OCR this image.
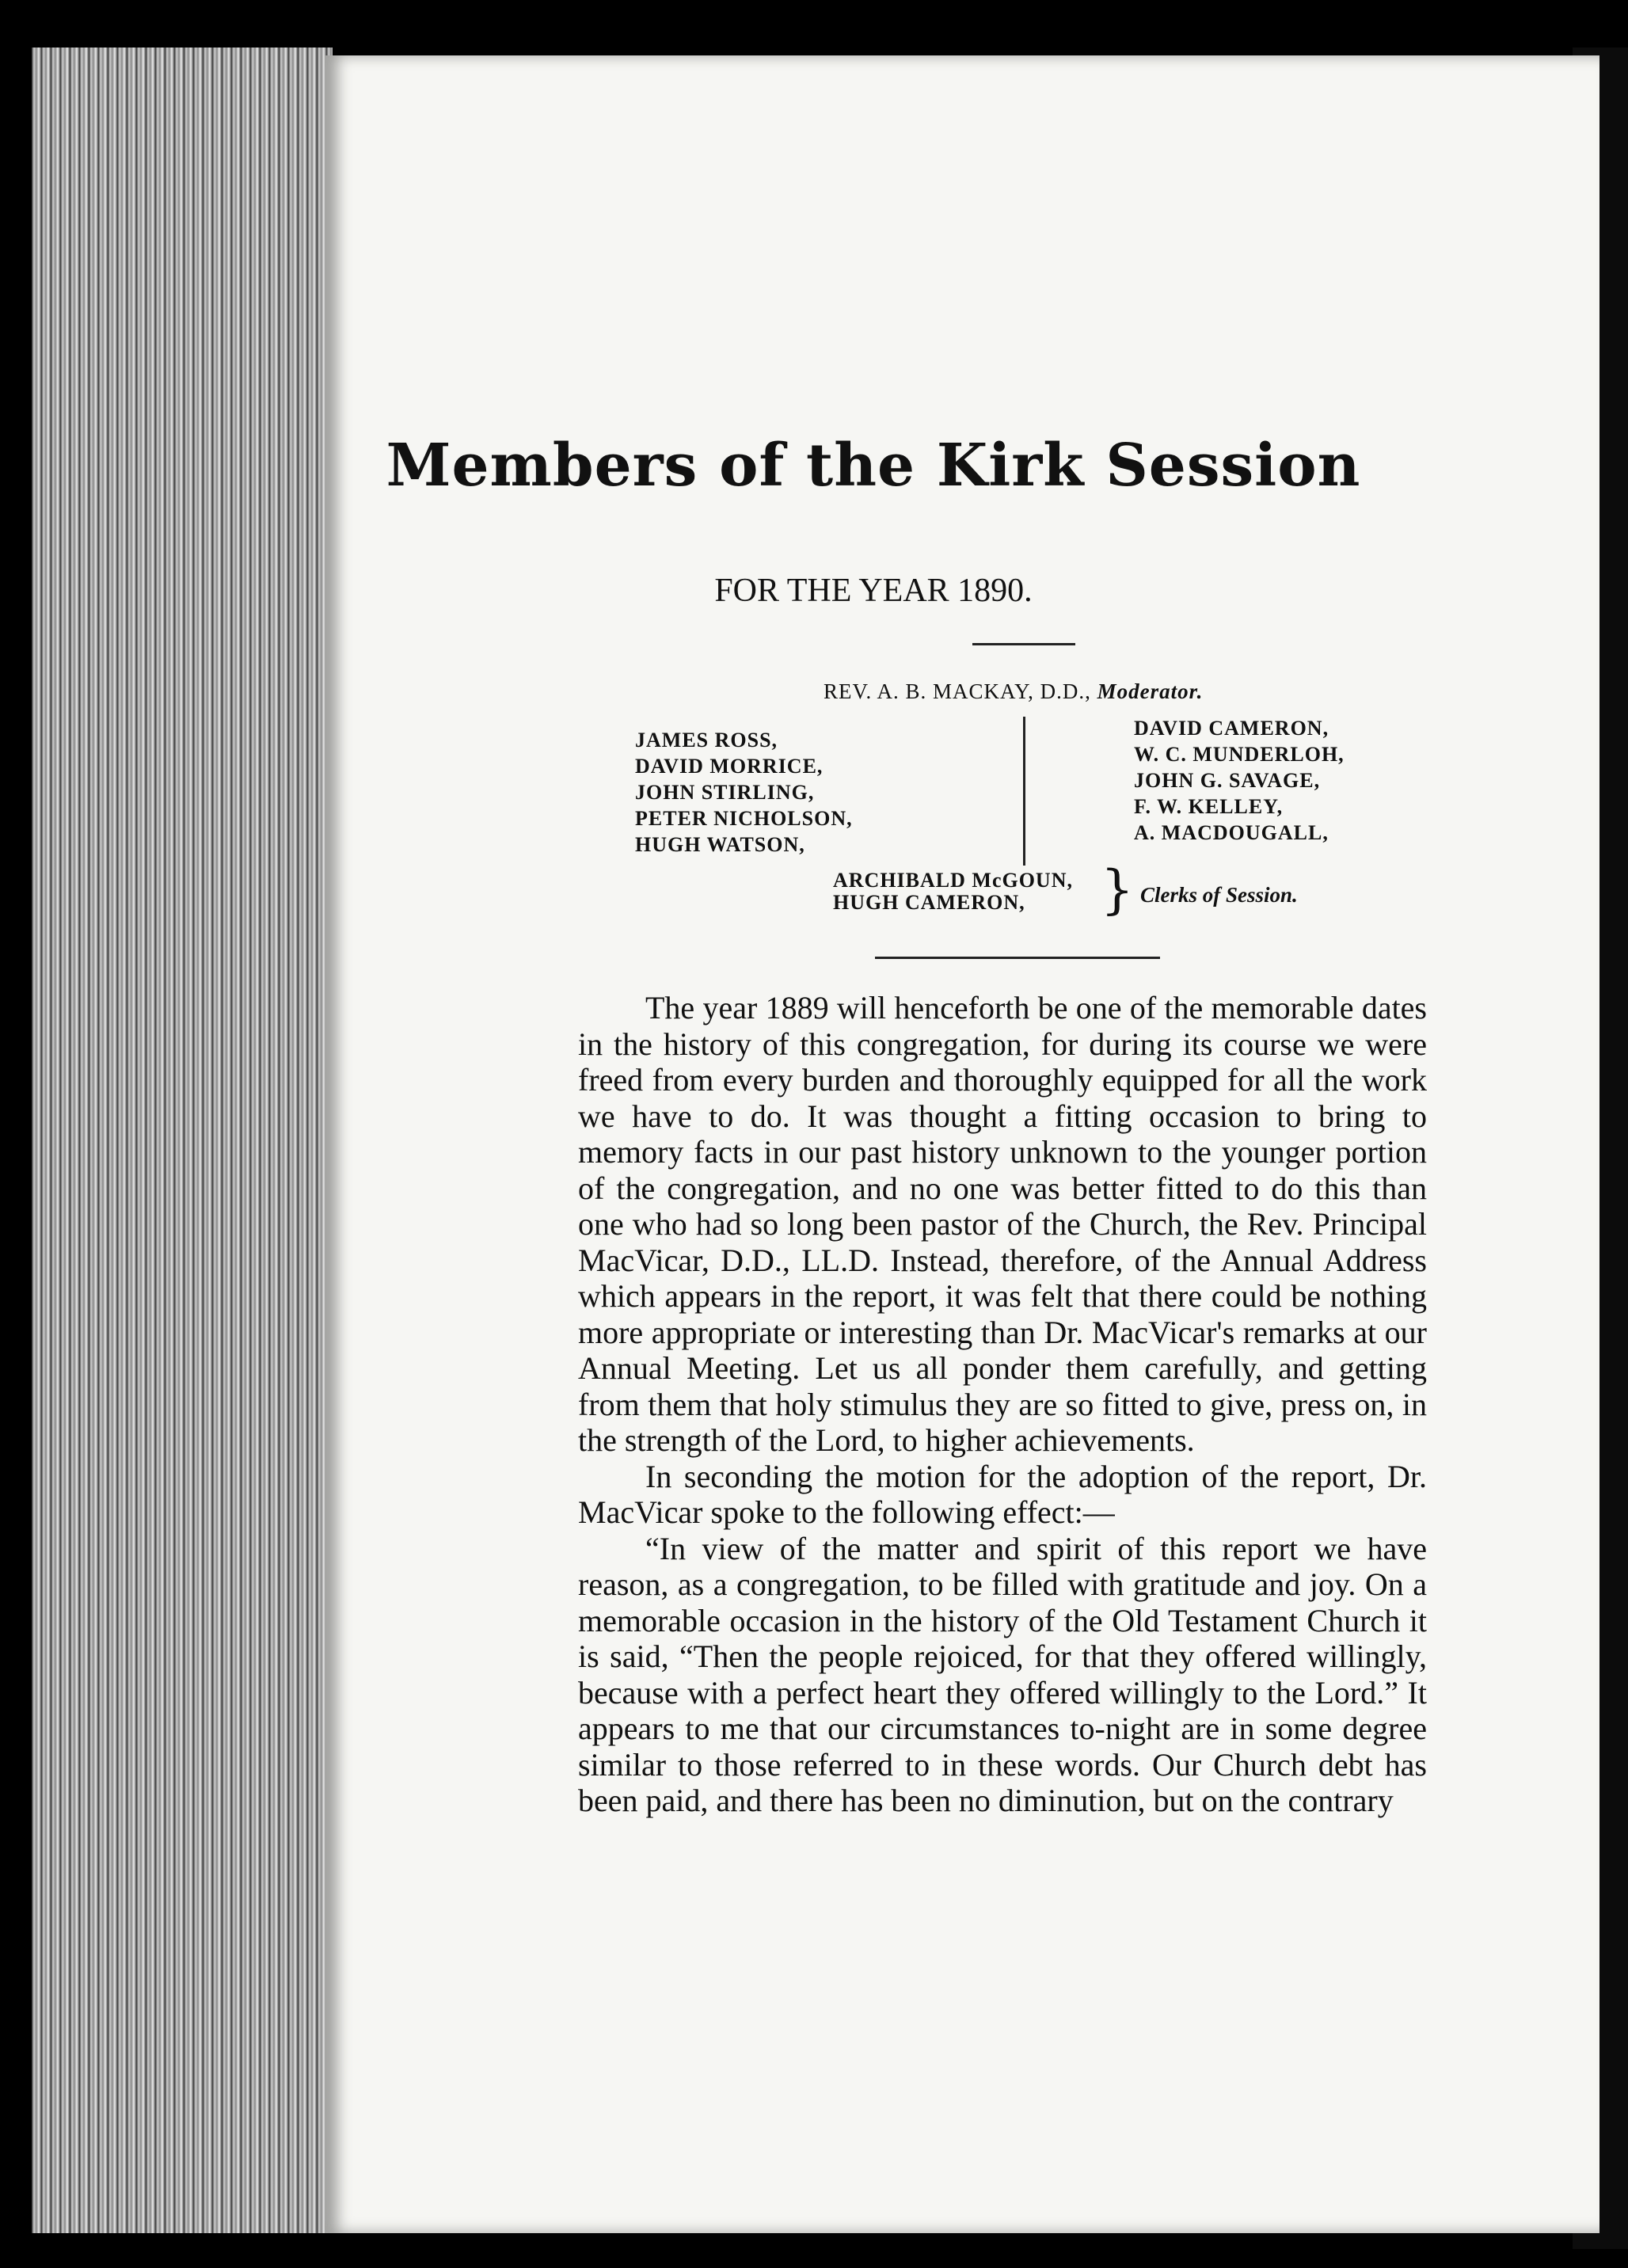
Members of the Kirk Session
FOR THE YEAR 1890.
REV. A. B. MACKAY, D.D., Moderator.
JAMES ROSS,
DAVID MORRICE,
JOHN STIRLING,
PETER NICHOLSON,
HUGH WATSON,
DAVID CAMERON,
W. C. MUNDERLOH,
JOHN G. SAVAGE,
F. W. KELLEY,
A. MACDOUGALL,
ARCHIBALD McGOUN,
HUGH CAMERON,	} Clerks of Session.

The year 1889 will henceforth be one of the memorable dates in the history of this congregation, for during its course we were freed from every burden and thoroughly equipped for all the work we have to do. It was thought a fitting occasion to bring to memory facts in our past history unknown to the younger portion of the congregation, and no one was better fitted to do this than one who had so long been pastor of the Church, the Rev. Principal MacVicar, D.D., LL.D. Instead, therefore, of the Annual Address which appears in the report, it was felt that there could be nothing more appropriate or interesting than Dr. MacVicar's remarks at our Annual Meeting. Let us all ponder them carefully, and getting from them that holy stimulus they are so fitted to give, press on, in the strength of the Lord, to higher achievements.

In seconding the motion for the adoption of the report, Dr. MacVicar spoke to the following effect:—

“In view of the matter and spirit of this report we have reason, as a congregation, to be filled with gratitude and joy. On a memorable occasion in the history of the Old Testament Church it is said, “Then the people rejoiced, for that they offered willingly, because with a perfect heart they offered willingly to the Lord.” It appears to me that our circumstances to-night are in some degree similar to those referred to in these words. Our Church debt has been paid, and there has been no diminution, but on the contrary
